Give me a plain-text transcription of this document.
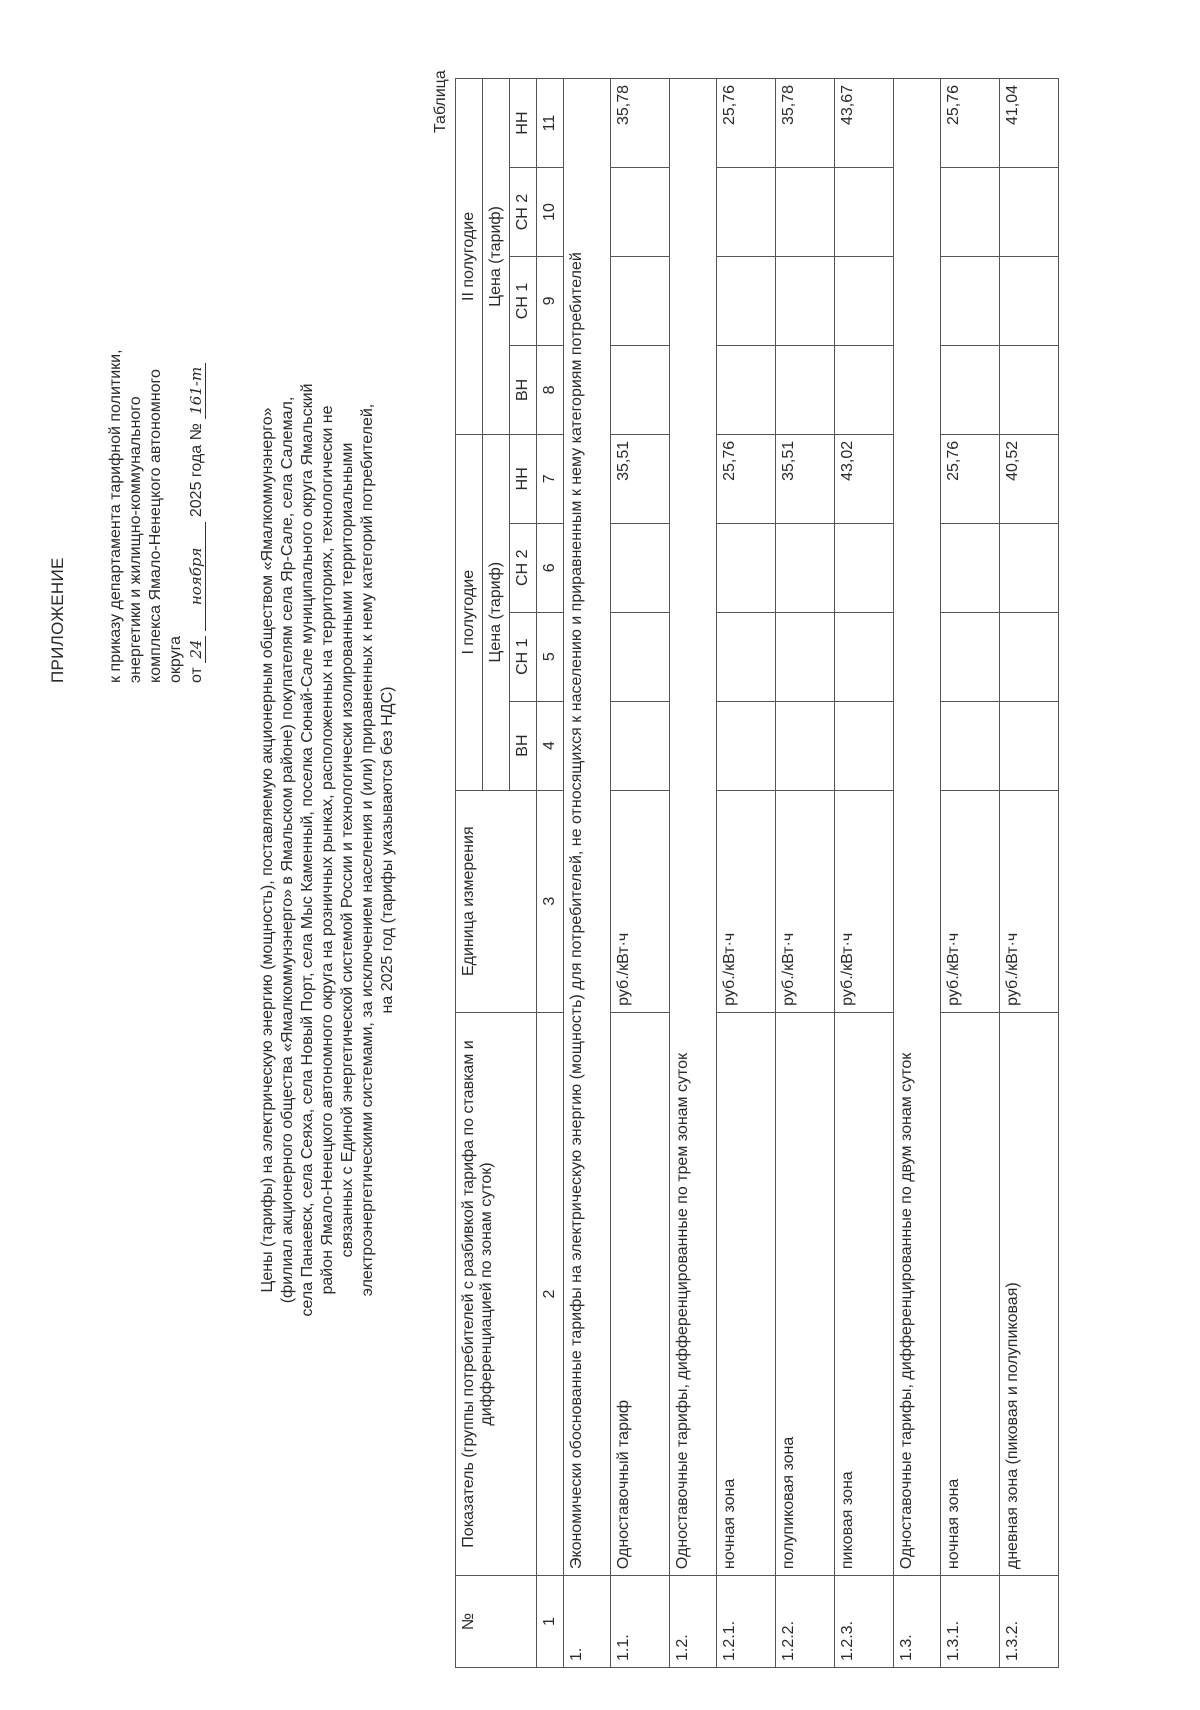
ПРИЛОЖЕНИЕ	к приказу департамента тарифной политики, энергетики и жилищно-коммунального комплекса Ямало-Ненецкого автономного округа от 24 ноября 2025 года № 161-т
Цены (тарифы) на электрическую энергию (мощность), поставляемую акционерным обществом «Ямалкоммунэнерго» (филиал акционерного общества «Ямалкоммунэнерго» в Ямальском районе) покупателям села Яр-Сале, села Салемал, села Панаевск, села Сеяха, села Новый Порт, села Мыс Каменный, поселка Сюнай-Сале муниципального округа Ямальский район Ямало-Ненецкого автономного округа на розничных рынках, расположенных на территориях, технологически не связанных с Единой энергетической системой России и технологически изолированными территориальными электроэнергетическими системами, за исключением населения и (или) приравненных к нему категорий потребителей, на 2025 год (тарифы указываются без НДС)
Таблица
№	Показатель (группы потребителей с разбивкой тарифа по ставкам и дифференциацией по зонам суток)	Единица измерения	I полугодие				II полугодие			
			Цена (тариф)				Цена (тариф)			
			ВН	СН 1	СН 2	НН	ВН	СН 1	СН 2	НН
1	2	3	4	5	6	7	8	9	10	11
1.	Экономически обоснованные тарифы на электрическую энергию (мощность) для потребителей, не относящихся к населению и приравненным к нему категориям потребителей									
1.1.	Одноставочный тариф	руб./кВт·ч				35,51				35,78
1.2.	Одноставочные тарифы, дифференцированные по трем зонам суток									
1.2.1.	ночная зона	руб./кВт·ч				25,76				25,76
1.2.2.	полупиковая зона	руб./кВт·ч				35,51				35,78
1.2.3.	пиковая зона	руб./кВт·ч				43,02				43,67
1.3.	Одноставочные тарифы, дифференцированные по двум зонам суток									
1.3.1.	ночная зона	руб./кВт·ч				25,76				25,76
1.3.2.	дневная зона (пиковая и полупиковая)	руб./кВт·ч				40,52				41,04
